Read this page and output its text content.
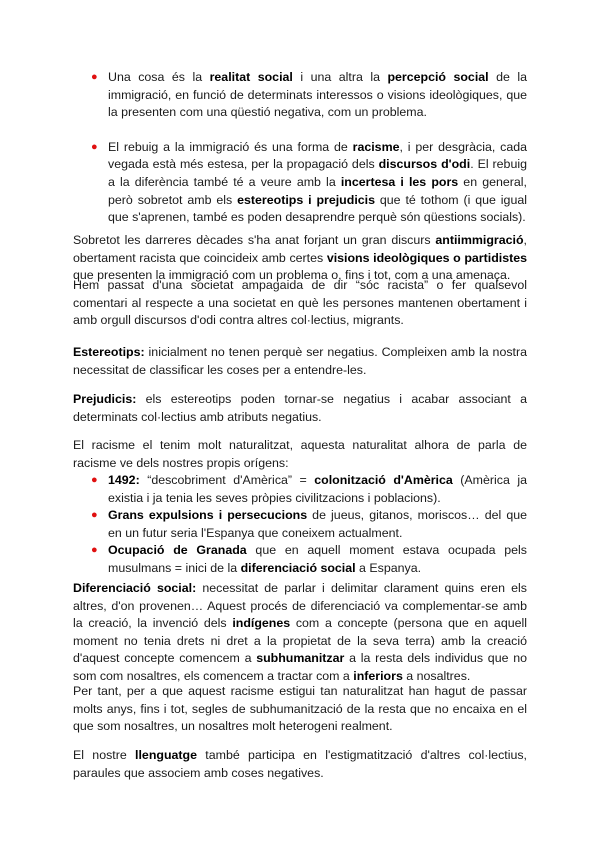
● Una cosa és la realitat social i una altra la percepció social de la immigració, en funció de determinats interessos o visions ideològiques, que la presenten com una qüestió negativa, com un problema.
● El rebuig a la immigració és una forma de racisme, i per desgràcia, cada vegada està més estesa, per la propagació dels discursos d'odi. El rebuig a la diferència també té a veure amb la incertesa i les pors en general, però sobretot amb els estereotips i prejudicis que té tothom (i que igual que s'aprenen, també es poden desaprendre perquè són qüestions socials).

Sobretot les darreres dècades s'ha anat forjant un gran discurs antiimmigració, obertament racista que coincideix amb certes visions ideològiques o partidistes que presenten la immigració com un problema o, fins i tot, com a una amenaça.

Hem passat d'una societat ampagaida de dir “sóc racista” o fer qualsevol comentari al respecte a una societat en què les persones mantenen obertament i amb orgull discursos d'odi contra altres col·lectius, migrants.

Estereotips: inicialment no tenen perquè ser negatius. Compleixen amb la nostra necessitat de classificar les coses per a entendre-les.

Prejudicis: els estereotips poden tornar-se negatius i acabar associant a determinats col·lectius amb atributs negatius.

El racisme el tenim molt naturalitzat, aquesta naturalitat alhora de parla de racisme ve dels nostres propis orígens:

● 1492: “descobriment d'Amèrica” = colonització d'Amèrica (Amèrica ja existia i ja tenia les seves pròpies civilitzacions i poblacions).
● Grans expulsions i persecucions de jueus, gitanos, moriscos… del que en un futur seria l'Espanya que coneixem actualment.
● Ocupació de Granada que en aquell moment estava ocupada pels musulmans = inici de la diferenciació social a Espanya.

Diferenciació social: necessitat de parlar i delimitar clarament quins eren els altres, d'on provenen… Aquest procés de diferenciació va complementar-se amb la creació, la invenció dels indígenes com a concepte (persona que en aquell moment no tenia drets ni dret a la propietat de la seva terra) amb la creació d'aquest concepte comencem a subhumanitzar a la resta dels individus que no som com nosaltres, els comencem a tractar com a inferiors a nosaltres.

Per tant, per a que aquest racisme estigui tan naturalitzat han hagut de passar molts anys, fins i tot, segles de subhumanització de la resta que no encaixa en el que som nosaltres, un nosaltres molt heterogeni realment.

El nostre llenguatge també participa en l'estigmatització d'altres col·lectius, paraules que associem amb coses negatives.
